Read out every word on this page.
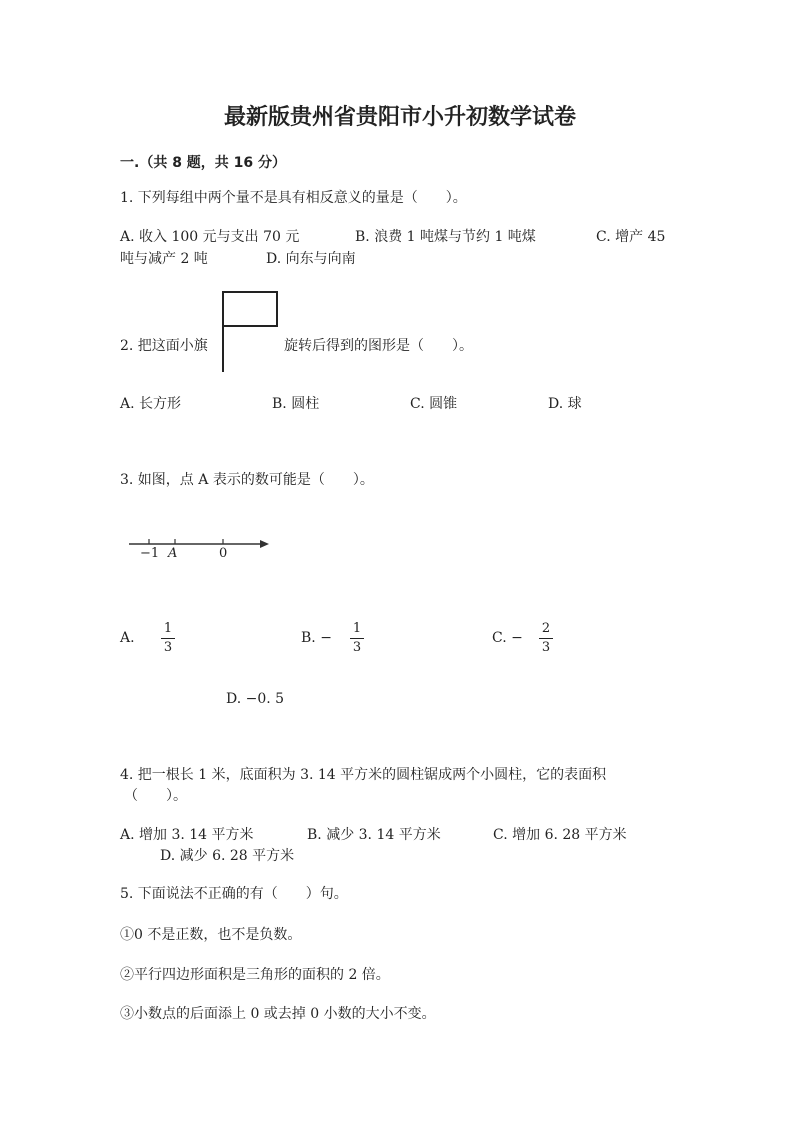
最新版贵州省贵阳市小升初数学试卷
一.（共 8 题，共 16 分）
1. 下列每组中两个量不是具有相反意义的量是（　　）。
A. 收入 100 元与支出 70 元	B. 浪费 1 吨煤与节约 1 吨煤	C. 增产 45
吨与减产 2 吨	D. 向东与向南
2. 把这面小旗	旋转后得到的图形是（　　）。
A. 长方形	B. 圆柱	C. 圆锥	D. 球
3. 如图，点 A 表示的数可能是（　　）。
−1 A	0
A.
1
3
B. −
1
3
C. −
2
3
D. −0. 5
4. 把一根长 1 米，底面积为 3. 14 平方米的圆柱锯成两个小圆柱，它的表面积
（　　）。
A. 增加 3. 14 平方米	B. 减少 3. 14 平方米	C. 增加 6. 28 平方米
D. 减少 6. 28 平方米
5. 下面说法不正确的有（　　）句。
①0 不是正数，也不是负数。
②平行四边形面积是三角形的面积的 2 倍。
③小数点的后面添上 0 或去掉 0 小数的大小不变。
